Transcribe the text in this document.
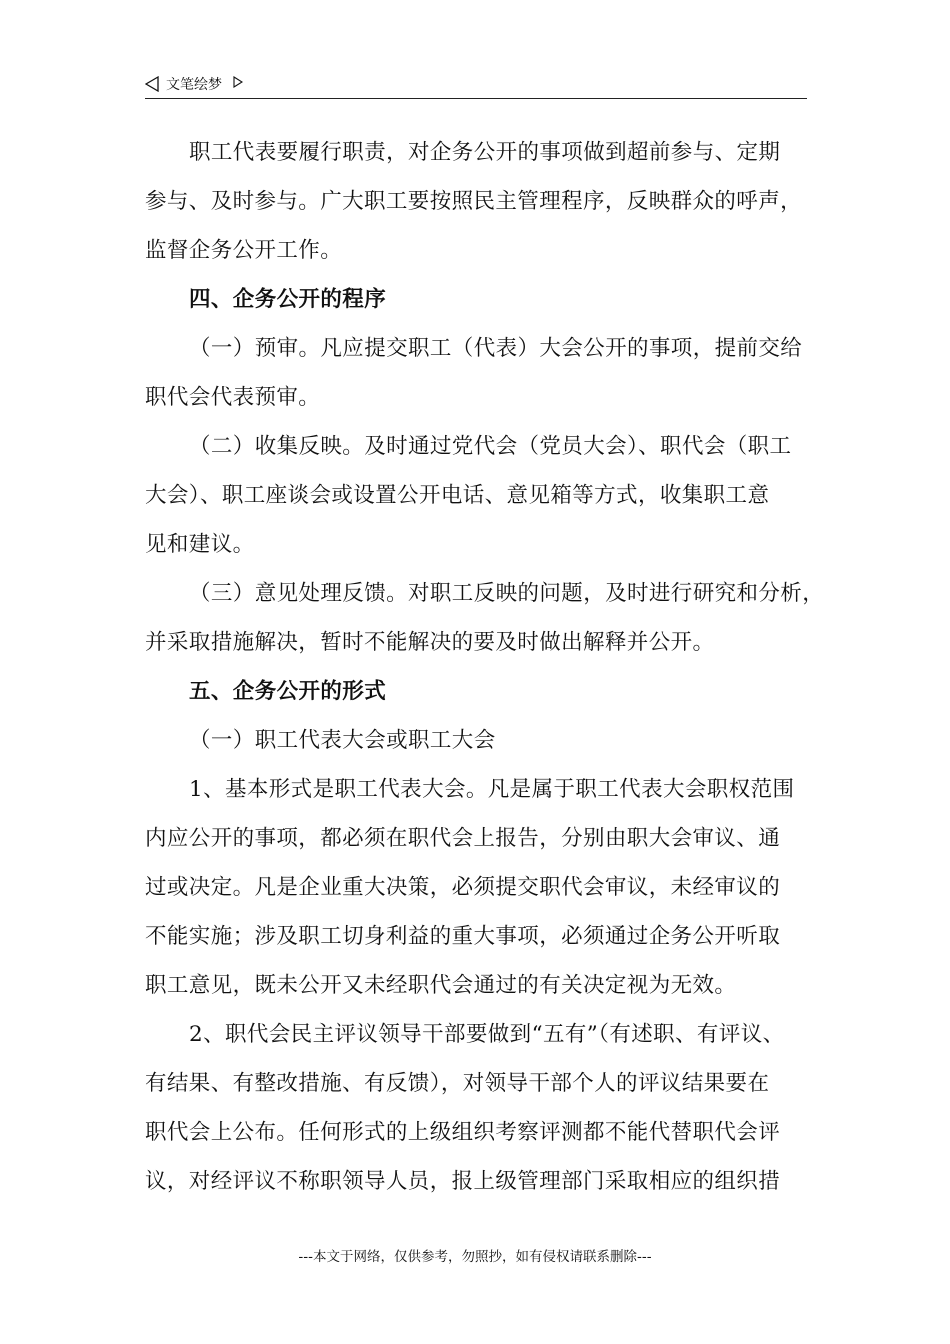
文笔绘梦
职工代表要履行职责，对企务公开的事项做到超前参与、定期
参与、及时参与。广大职工要按照民主管理程序，反映群众的呼声，
监督企务公开工作。
四、企务公开的程序
（一）预审。凡应提交职工（代表）大会公开的事项，提前交给
职代会代表预审。
（二）收集反映。及时通过党代会（党员大会）、职代会（职工
大会）、职工座谈会或设置公开电话、意见箱等方式，收集职工意
见和建议。
（三）意见处理反馈。对职工反映的问题，及时进行研究和分析，
并采取措施解决，暂时不能解决的要及时做出解释并公开。
五、企务公开的形式
（一）职工代表大会或职工大会
1、基本形式是职工代表大会。凡是属于职工代表大会职权范围
内应公开的事项，都必须在职代会上报告，分别由职大会审议、通
过或决定。凡是企业重大决策，必须提交职代会审议，未经审议的
不能实施；涉及职工切身利益的重大事项，必须通过企务公开听取
职工意见，既未公开又未经职代会通过的有关决定视为无效。
2、职代会民主评议领导干部要做到“五有”（有述职、有评议、
有结果、有整改措施、有反馈），对领导干部个人的评议结果要在
职代会上公布。任何形式的上级组织考察评测都不能代替职代会评
议，对经评议不称职领导人员，报上级管理部门采取相应的组织措
---本文于网络，仅供参考，勿照抄，如有侵权请联系删除---
